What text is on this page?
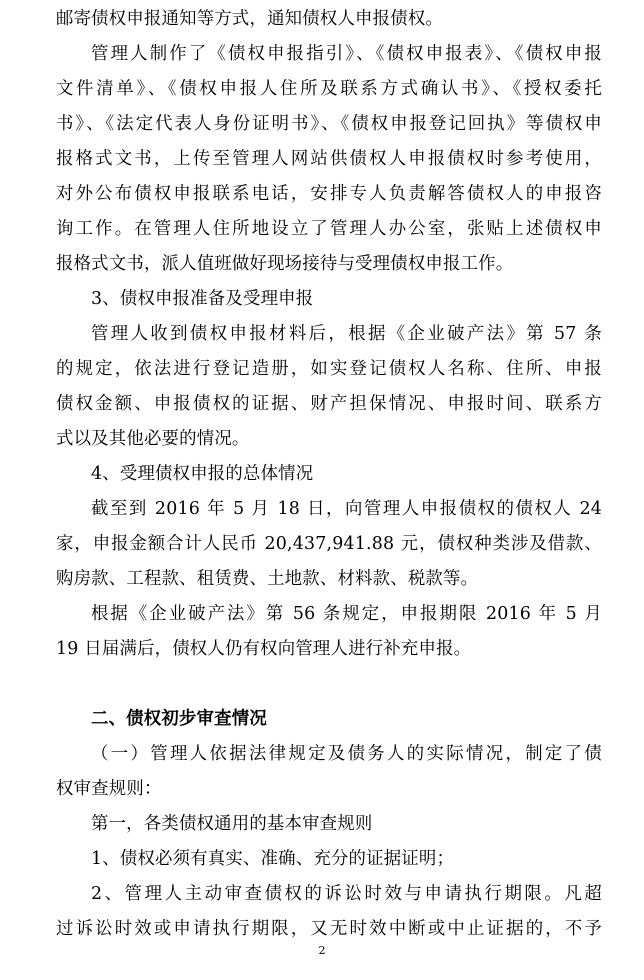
邮寄债权申报通知等方式，通知债权人申报债权。
管理人制作了《债权申报指引》、《债权申报表》、《债权申报
文件清单》、《债权申报人住所及联系方式确认书》、《授权委托
书》、《法定代表人身份证明书》、《债权申报登记回执》等债权申
报格式文书，上传至管理人网站供债权人申报债权时参考使用，
对外公布债权申报联系电话，安排专人负责解答债权人的申报咨
询工作。在管理人住所地设立了管理人办公室，张贴上述债权申
报格式文书，派人值班做好现场接待与受理债权申报工作。
3、债权申报准备及受理申报
管理人收到债权申报材料后，根据《企业破产法》第 57 条
的规定，依法进行登记造册，如实登记债权人名称、住所、申报
债权金额、申报债权的证据、财产担保情况、申报时间、联系方
式以及其他必要的情况。
4、受理债权申报的总体情况
截至到 2016 年 5 月 18 日，向管理人申报债权的债权人 24
家，申报金额合计人民币 20,437,941.88 元，债权种类涉及借款、
购房款、工程款、租赁费、土地款、材料款、税款等。
根据《企业破产法》第 56 条规定，申报期限 2016 年 5 月
19 日届满后，债权人仍有权向管理人进行补充申报。
二、债权初步审查情况
（一）管理人依据法律规定及债务人的实际情况，制定了债
权审查规则：
第一，各类债权通用的基本审查规则
1、债权必须有真实、准确、充分的证据证明；
2、管理人主动审查债权的诉讼时效与申请执行期限。凡超
过诉讼时效或申请执行期限，又无时效中断或中止证据的，不予
2
